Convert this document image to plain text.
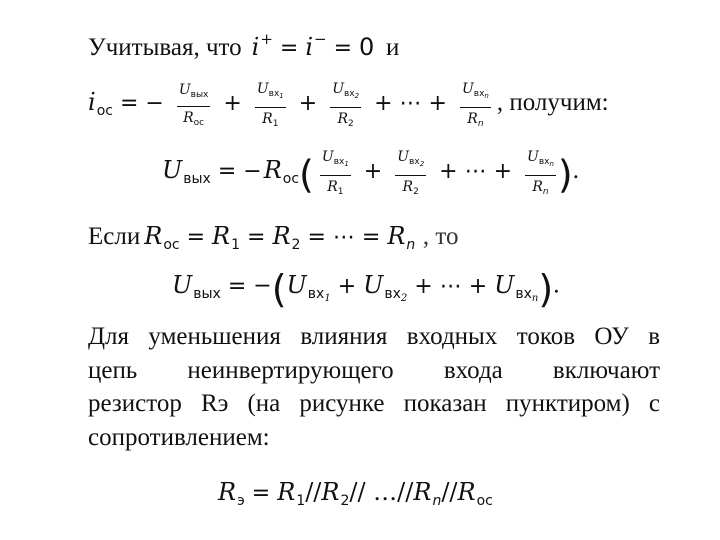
Учитывая, что i+ = i− = 0 и
$i_{ос}$ = − $\frac{\text{Uвых}}{\text{Rос}} + \frac{Uвх_1}{R1} + \frac{Uвх_2}{R2}$ + ⋯ + $\frac{Uвх_n}{Rn}$ , получим:
$U_{вых} = -R_{ос}( \frac{Uвх_1}{R1} + \frac{Uвх_2}{R2}$ + ⋯ + $\frac{Uвх_n}{Rn}$ ).
Если $R_{ос} = R_1 = R_2$ = ⋯ = $R_n$ , то
$U_{вых} = -(U_{вх_1} + U_{вх_2}$ + ⋯ + $U_{вх_n}$).
Для уменьшения влияния входных токов ОУ в
цепь неинвертирующего входа включают
резистор Rэ (на рисунке показан пунктиром) с
сопротивлением:
$R_э = R_1//R_2//$ $\dots//R_n//R_{ос}$
